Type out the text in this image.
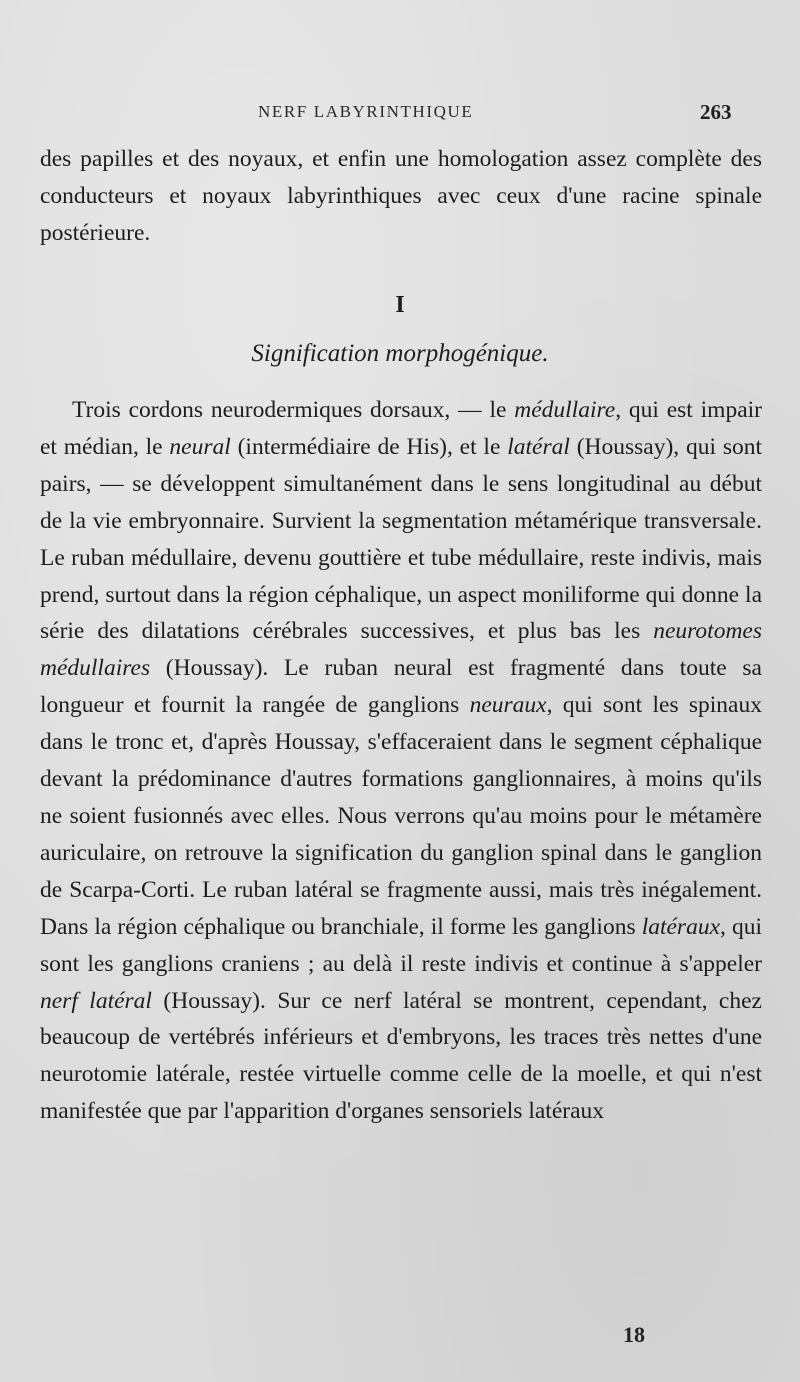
NERF LABYRINTHIQUE	263
des papilles et des noyaux, et enfin une homologation assez complète des conducteurs et noyaux labyrinthiques avec ceux d'une racine spinale postérieure.
I
Signification morphogénique.
Trois cordons neurodermiques dorsaux, — le médullaire, qui est impair et médian, le neural (intermédiaire de His), et le latéral (Houssay), qui sont pairs, — se développent simultanément dans le sens longitudinal au début de la vie embryonnaire. Survient la segmentation métamérique transversale. Le ruban médullaire, devenu gouttière et tube médullaire, reste indivis, mais prend, surtout dans la région céphalique, un aspect moniliforme qui donne la série des dilatations cérébrales successives, et plus bas les neurotomes médullaires (Houssay). Le ruban neural est fragmenté dans toute sa longueur et fournit la rangée de ganglions neuraux, qui sont les spinaux dans le tronc et, d'après Houssay, s'effaceraient dans le segment céphalique devant la prédominance d'autres formations ganglionnaires, à moins qu'ils ne soient fusionnés avec elles. Nous verrons qu'au moins pour le métamère auriculaire, on retrouve la signification du ganglion spinal dans le ganglion de Scarpa-Corti. Le ruban latéral se fragmente aussi, mais très inégalement. Dans la région céphalique ou branchiale, il forme les ganglions latéraux, qui sont les ganglions craniens ; au delà il reste indivis et continue à s'appeler nerf latéral (Houssay). Sur ce nerf latéral se montrent, cependant, chez beaucoup de vertébrés inférieurs et d'embryons, les traces très nettes d'une neurotomie latérale, restée virtuelle comme celle de la moelle, et qui n'est manifestée que par l'apparition d'organes sensoriels latéraux
18
